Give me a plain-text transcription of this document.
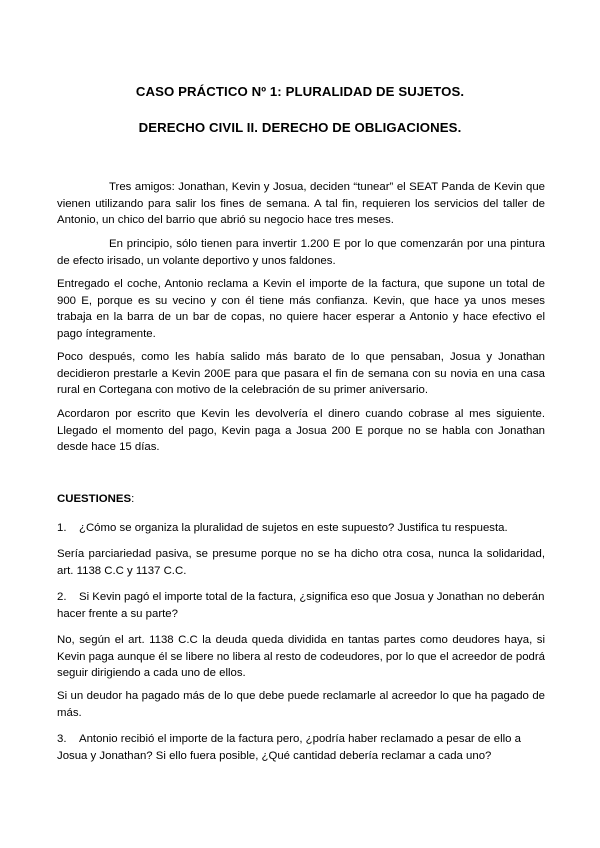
CASO PRÁCTICO Nº 1: PLURALIDAD DE SUJETOS.
DERECHO CIVIL II. DERECHO DE OBLIGACIONES.
Tres amigos: Jonathan, Kevin y Josua, deciden “tunear” el SEAT Panda de Kevin que vienen utilizando para salir los fines de semana. A tal fin, requieren los servicios del taller de Antonio, un chico del barrio que abrió su negocio hace tres meses.
En principio, sólo tienen para invertir 1.200 E por lo que comenzarán por una pintura de efecto irisado, un volante deportivo y unos faldones.
Entregado el coche, Antonio reclama a Kevin el importe de la factura, que supone un total de 900 E, porque es su vecino y con él tiene más confianza. Kevin, que hace ya unos meses trabaja en la barra de un bar de copas, no quiere hacer esperar a Antonio y hace efectivo el pago íntegramente.
Poco después, como les había salido más barato de lo que pensaban, Josua y Jonathan decidieron prestarle a Kevin 200E para que pasara el fin de semana con su novia en una casa rural en Cortegana con motivo de la celebración de su primer aniversario.
Acordaron por escrito que Kevin les devolvería el dinero cuando cobrase al mes siguiente. Llegado el momento del pago, Kevin paga a Josua 200 E porque no se habla con Jonathan desde hace 15 días.
CUESTIONES:
1. ¿Cómo se organiza la pluralidad de sujetos en este supuesto? Justifica tu respuesta.
Sería parciariedad pasiva, se presume porque no se ha dicho otra cosa, nunca la solidaridad, art. 1138 C.C y 1137 C.C.
2. Si Kevin pagó el importe total de la factura, ¿significa eso que Josua y Jonathan no deberán hacer frente a su parte?
No, según el art. 1138 C.C la deuda queda dividida en tantas partes como deudores haya, si Kevin paga aunque él se libere no libera al resto de codeudores, por lo que el acreedor de podrá seguir dirigiendo a cada uno de ellos.
Si un deudor ha pagado más de lo que debe puede reclamarle al acreedor lo que ha pagado de más.
3. Antonio recibió el importe de la factura pero, ¿podría haber reclamado a pesar de ello a Josua y Jonathan? Si ello fuera posible, ¿Qué cantidad debería reclamar a cada uno?
